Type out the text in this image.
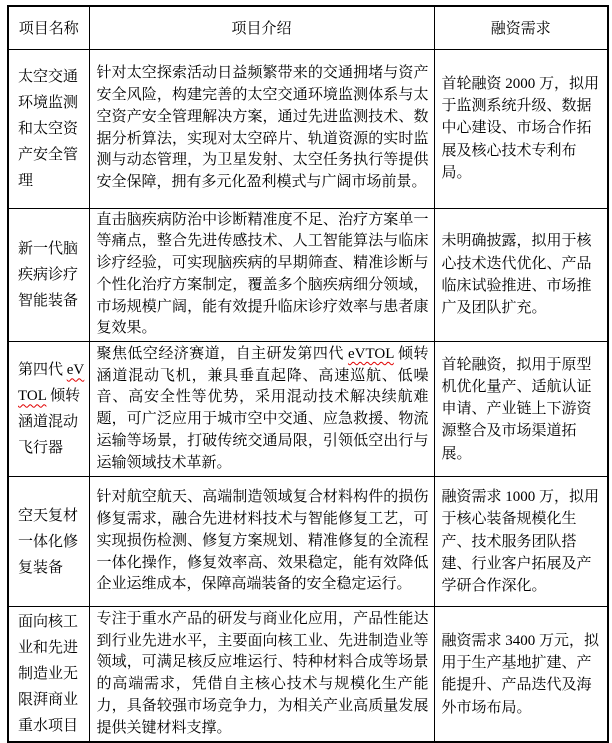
项目名称	项目介绍	融资需求
太空交通环境监测和太空资产安全管理	针对太空探索活动日益频繁带来的交通拥堵与资产安全风险，构建完善的太空交通环境监测体系与太空资产安全管理解决方案，通过先进监测技术、数据分析算法，实现对太空碎片、轨道资源的实时监测与动态管理，为卫星发射、太空任务执行等提供安全保障，拥有多元化盈利模式与广阔市场前景。	首轮融资 2000 万，拟用于监测系统升级、数据中心建设、市场合作拓展及核心技术专利布局。
新一代脑疾病诊疗智能装备	直击脑疾病防治中诊断精准度不足、治疗方案单一等痛点，整合先进传感技术、人工智能算法与临床诊疗经验，可实现脑疾病的早期筛查、精准诊断与个性化治疗方案制定，覆盖多个脑疾病细分领域，市场规模广阔，能有效提升临床诊疗效率与患者康复效果。	未明确披露，拟用于核心技术迭代优化、产品临床试验推进、市场推广及团队扩充。
第四代 eVTOL 倾转涵道混动飞行器	聚焦低空经济赛道，自主研发第四代 eVTOL 倾转涵道混动飞机，兼具垂直起降、高速巡航、低噪音、高安全性等优势，采用混动技术解决续航难题，可广泛应用于城市空中交通、应急救援、物流运输等场景，打破传统交通局限，引领低空出行与运输领域技术革新。	首轮融资，拟用于原型机优化量产、适航认证申请、产业链上下游资源整合及市场渠道拓展。
空天复材一体化修复装备	针对航空航天、高端制造领域复合材料构件的损伤修复需求，融合先进材料技术与智能修复工艺，可实现损伤检测、修复方案规划、精准修复的全流程一体化操作，修复效率高、效果稳定，能有效降低企业运维成本，保障高端装备的安全稳定运行。	融资需求 1000 万，拟用于核心装备规模化生产、技术服务团队搭建、行业客户拓展及产学研合作深化。
面向核工业和先进制造业无限湃商业重水项目	专注于重水产品的研发与商业化应用，产品性能达到行业先进水平，主要面向核工业、先进制造业等领域，可满足核反应堆运行、特种材料合成等场景的高端需求，凭借自主核心技术与规模化生产能力，具备较强市场竞争力，为相关产业高质量发展提供关键材料支撑。	融资需求 3400 万元，拟用于生产基地扩建、产能提升、产品迭代及海外市场布局。
